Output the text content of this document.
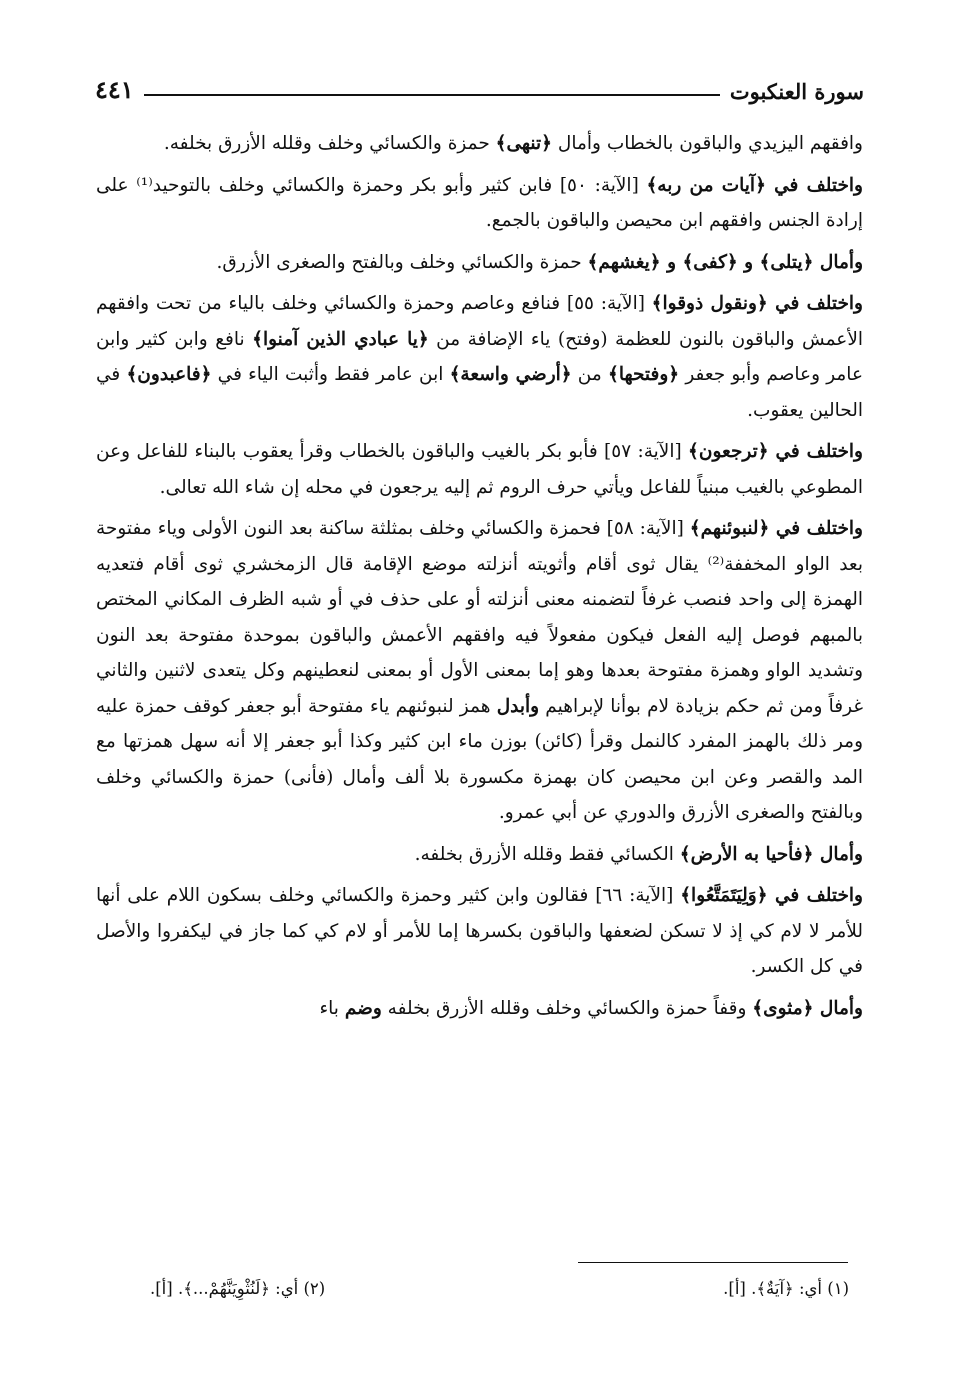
سورة العنكبوت
٤٤١

وافقهم اليزيدي والباقون بالخطاب وأمال ﴿تنهى﴾ حمزة والكسائي وخلف وقلله الأزرق بخلفه.

واختلف في ﴿آيات من ربه﴾ [الآية: ٥٠] فابن كثير وأبو بكر وحمزة والكسائي وخلف بالتوحيد⁽¹⁾ على إرادة الجنس وافقهم ابن محيصن والباقون بالجمع.

وأمال ﴿يتلى﴾ و ﴿كفى﴾ و ﴿يغشهم﴾ حمزة والكسائي وخلف وبالفتح والصغرى الأزرق.

واختلف في ﴿ونقول ذوقوا﴾ [الآية: ٥٥] فنافع وعاصم وحمزة والكسائي وخلف بالياء من تحت وافقهم الأعمش والباقون بالنون للعظمة (وفتح) ياء الإضافة من ﴿يا عبادي الذين آمنوا﴾ نافع وابن كثير وابن عامر وعاصم وأبو جعفر ﴿وفتحها﴾ من ﴿أرضي واسعة﴾ ابن عامر فقط وأثبت الياء في ﴿فاعبدون﴾ في الحالين يعقوب.

واختلف في ﴿ترجعون﴾ [الآية: ٥٧] فأبو بكر بالغيب والباقون بالخطاب وقرأ يعقوب بالبناء للفاعل وعن المطوعي بالغيب مبنياً للفاعل ويأتي حرف الروم ثم إليه يرجعون في محله إن شاء الله تعالى.

واختلف في ﴿لنبوئنهم﴾ [الآية: ٥٨] فحمزة والكسائي وخلف بمثلثة ساكنة بعد النون الأولى وياء مفتوحة بعد الواو المخففة⁽²⁾ يقال ثوى أقام وأثويته أنزلته موضع الإقامة قال الزمخشري ثوى أقام فتعديه الهمزة إلى واحد فنصب غرفاً لتضمنه معنى أنزلته أو على حذف في أو شبه الظرف المكاني المختص بالمبهم فوصل إليه الفعل فيكون مفعولاً فيه وافقهم الأعمش والباقون بموحدة مفتوحة بعد النون وتشديد الواو وهمزة مفتوحة بعدها وهو إما بمعنى الأول أو بمعنى لنعطينهم وكل يتعدى لاثنين والثاني غرفاً ومن ثم حكم بزيادة لام بوأنا لإبراهيم وأبدل همز لنبوئنهم ياء مفتوحة أبو جعفر كوقف حمزة عليه ومر ذلك بالهمز المفرد كالنمل وقرأ (كائن) بوزن ماء ابن كثير وكذا أبو جعفر إلا أنه سهل همزتها مع المد والقصر وعن ابن محيصن كان بهمزة مكسورة بلا ألف وأمال (فأنى) حمزة والكسائي وخلف وبالفتح والصغرى الأزرق والدوري عن أبي عمرو.

وأمال ﴿فأحيا به الأرض﴾ الكسائي فقط وقلله الأزرق بخلفه.

واختلف في ﴿وَلِيَتَمَتَّعُوا﴾ [الآية: ٦٦] فقالون وابن كثير وحمزة والكسائي وخلف بسكون اللام على أنها للأمر لا لام كي إذ لا تسكن لضعفها والباقون بكسرها إما للأمر أو لام كي كما جاز في ليكفروا والأصل في كل الكسر.

وأمال ﴿مثوى﴾ وقفاً حمزة والكسائي وخلف وقلله الأزرق بخلفه وضم باء

(١) أي: ﴿آيَةٌ﴾. [أ].
(٢) أي: ﴿لَنُثْوِيَنَّهُمْ...﴾. [أ].
